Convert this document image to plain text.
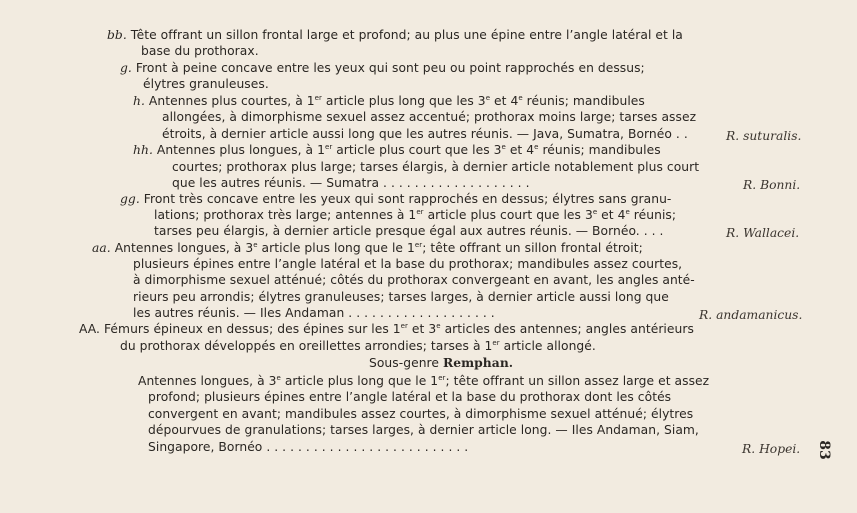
bb. Tête offrant un sillon frontal large et profond; au plus une épine entre l’angle latéral et la
base du prothorax.
g. Front à peine concave entre les yeux qui sont peu ou point rapprochés en dessus;
élytres granuleuses.
h. Antennes plus courtes, à 1er article plus long que les 3e et 4e réunis; mandibules
allongées, à dimorphisme sexuel assez accentué; prothorax moins large; tarses assez
étroits, à dernier article aussi long que les autres réunis. — Java, Sumatra, Bornéo . .	R. suturalis.
hh. Antennes plus longues, à 1er article plus court que les 3e et 4e réunis; mandibules
courtes; prothorax plus large; tarses élargis, à dernier article notablement plus court
que les autres réunis. — Sumatra . . . . . . . . . . . . . . . . . . .	R. Bonni.
gg. Front très concave entre les yeux qui sont rapprochés en dessus; élytres sans granu-
lations; prothorax très large; antennes à 1er article plus court que les 3e et 4e réunis;
tarses peu élargis, à dernier article presque égal aux autres réunis. — Bornéo. . . .	R. Wallacei.
aa. Antennes longues, à 3e article plus long que le 1er; tête offrant un sillon frontal étroit;
plusieurs épines entre l’angle latéral et la base du prothorax; mandibules assez courtes,
à dimorphisme sexuel atténué; côtés du prothorax convergeant en avant, les angles anté-
rieurs peu arrondis; élytres granuleuses; tarses larges, à dernier article aussi long que
les autres réunis. — Iles Andaman . . . . . . . . . . . . . . . . . . .	R. andamanicus.
AA. Fémurs épineux en dessus; des épines sur les 1er et 3e articles des antennes; angles antérieurs
du prothorax développés en oreillettes arrondies; tarses à 1er article allongé.
Sous-genre Remphan.
Antennes longues, à 3e article plus long que le 1er; tête offrant un sillon assez large et assez
profond; plusieurs épines entre l’angle latéral et la base du prothorax dont les côtés
convergent en avant; mandibules assez courtes, à dimorphisme sexuel atténué; élytres
dépourvues de granulations; tarses larges, à dernier article long. — Iles Andaman, Siam,
Singapore, Bornéo . . . . . . . . . . . . . . . . . . . . . . . . . .	R. Hopei. 83
